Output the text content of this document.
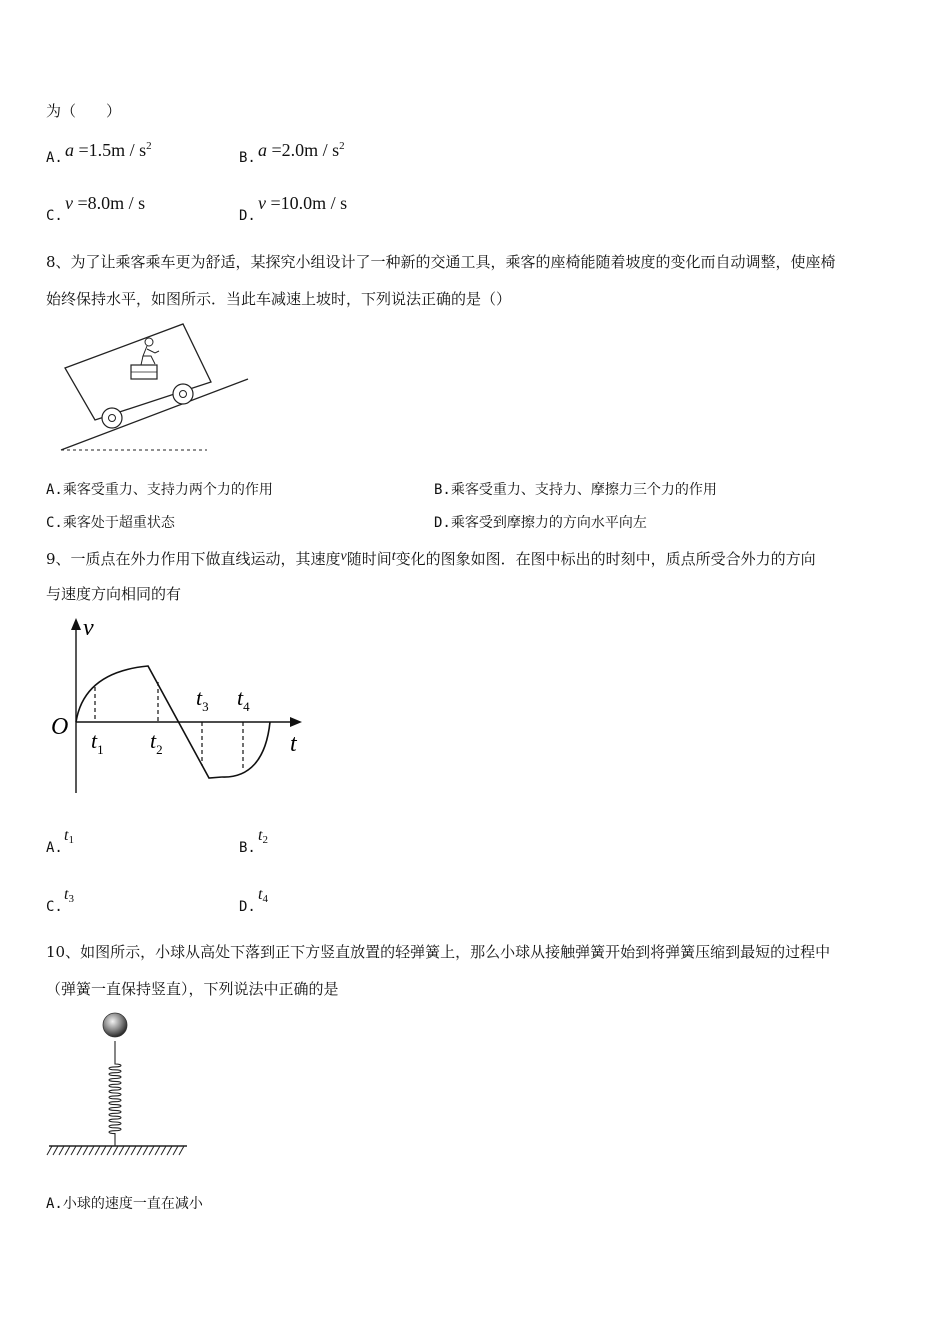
为（　　）
A. $a =1.5m / s^2$
B. $a =2.0m / s^2$
C.
v =8.0m / s
D.
v =10.0m / s
8、为了让乘客乘车更为舒适，某探究小组设计了一种新的交通工具，乘客的座椅能随着坡度的变化而自动调整，使座椅
始终保持水平，如图所示．当此车减速上坡时，下列说法正确的是（）
A.乘客受重力、支持力两个力的作用	B.乘客受重力、支持力、摩擦力三个力的作用
C.乘客处于超重状态	D.乘客受到摩擦力的方向水平向左
9、一质点在外力作用下做直线运动，其速度v随时间t变化的图象如图．在图中标出的时刻中，质点所受合外力的方向
与速度方向相同的有
v
t
O
$t_1$ $t_2$
$t_3$ $t_4$
A.
$t_1$	B.
$t_2$
C.
$t_3$	D.
$t_4$
10、如图所示，小球从高处下落到正下方竖直放置的轻弹簧上，那么小球从接触弹簧开始到将弹簧压缩到最短的过程中
（弹簧一直保持竖直），下列说法中正确的是
A.小球的速度一直在减小
